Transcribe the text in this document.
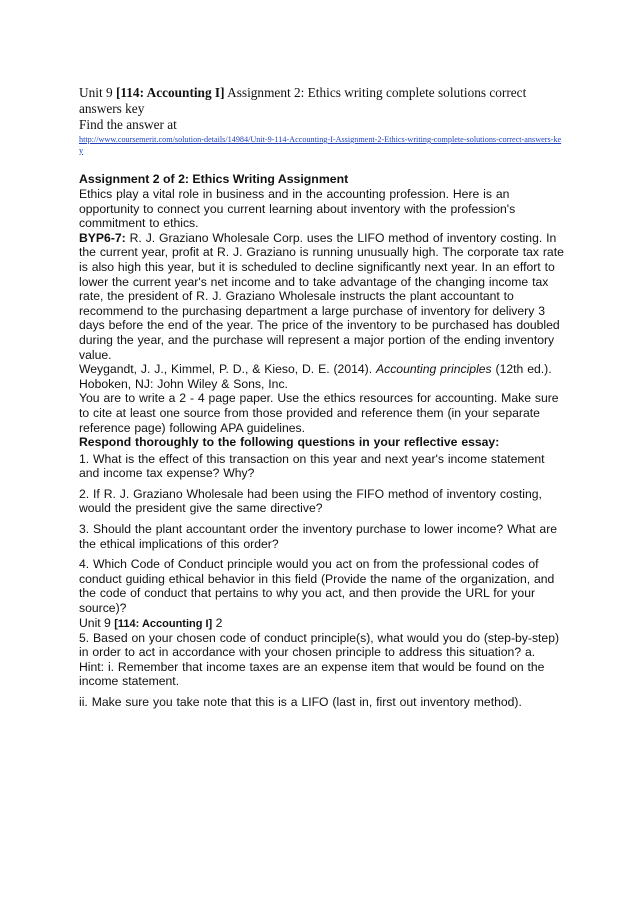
Unit 9 [114: Accounting I] Assignment 2: Ethics writing complete solutions correct answers key
Find the answer at
http://www.coursemerit.com/solution-details/14984/Unit-9-114-Accounting-I-Assignment-2-Ethics-writing-complete-solutions-correct-answers-key
Assignment 2 of 2: Ethics Writing Assignment
Ethics play a vital role in business and in the accounting profession. Here is an opportunity to connect you current learning about inventory with the profession's commitment to ethics.
BYP6-7: R. J. Graziano Wholesale Corp. uses the LIFO method of inventory costing. In the current year, profit at R. J. Graziano is running unusually high. The corporate tax rate is also high this year, but it is scheduled to decline significantly next year. In an effort to lower the current year's net income and to take advantage of the changing income tax rate, the president of R. J. Graziano Wholesale instructs the plant accountant to recommend to the purchasing department a large purchase of inventory for delivery 3 days before the end of the year. The price of the inventory to be purchased has doubled during the year, and the purchase will represent a major portion of the ending inventory value.
Weygandt, J. J., Kimmel, P. D., & Kieso, D. E. (2014). Accounting principles (12th ed.). Hoboken, NJ: John Wiley & Sons, Inc.
You are to write a 2 - 4 page paper. Use the ethics resources for accounting. Make sure to cite at least one source from those provided and reference them (in your separate reference page) following APA guidelines.
Respond thoroughly to the following questions in your reflective essay:
1. What is the effect of this transaction on this year and next year's income statement and income tax expense? Why?
2. If R. J. Graziano Wholesale had been using the FIFO method of inventory costing, would the president give the same directive?
3. Should the plant accountant order the inventory purchase to lower income? What are the ethical implications of this order?
4. Which Code of Conduct principle would you act on from the professional codes of conduct guiding ethical behavior in this field (Provide the name of the organization, and the code of conduct that pertains to why you act, and then provide the URL for your source)?
Unit 9 [114: Accounting I] 2
5. Based on your chosen code of conduct principle(s), what would you do (step-by-step) in order to act in accordance with your chosen principle to address this situation? a. Hint: i. Remember that income taxes are an expense item that would be found on the income statement.
ii. Make sure you take note that this is a LIFO (last in, first out inventory method).
